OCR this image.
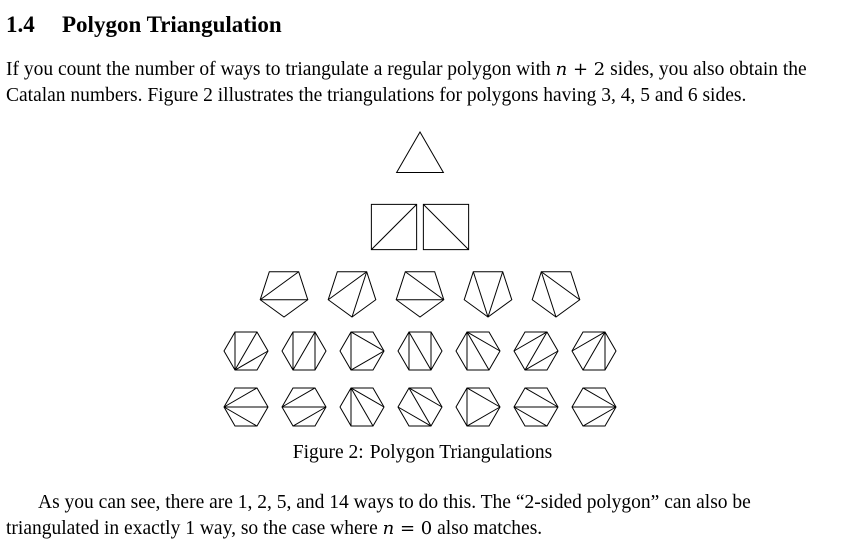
1.4 Polygon Triangulation
If you count the number of ways to triangulate a regular polygon with n + 2 sides, you also obtain the Catalan numbers. Figure 2 illustrates the triangulations for polygons having 3, 4, 5 and 6 sides.
Figure 2: Polygon Triangulations
As you can see, there are 1, 2, 5, and 14 ways to do this. The “2-sided polygon” can also be triangulated in exactly 1 way, so the case where n = 0 also matches.
